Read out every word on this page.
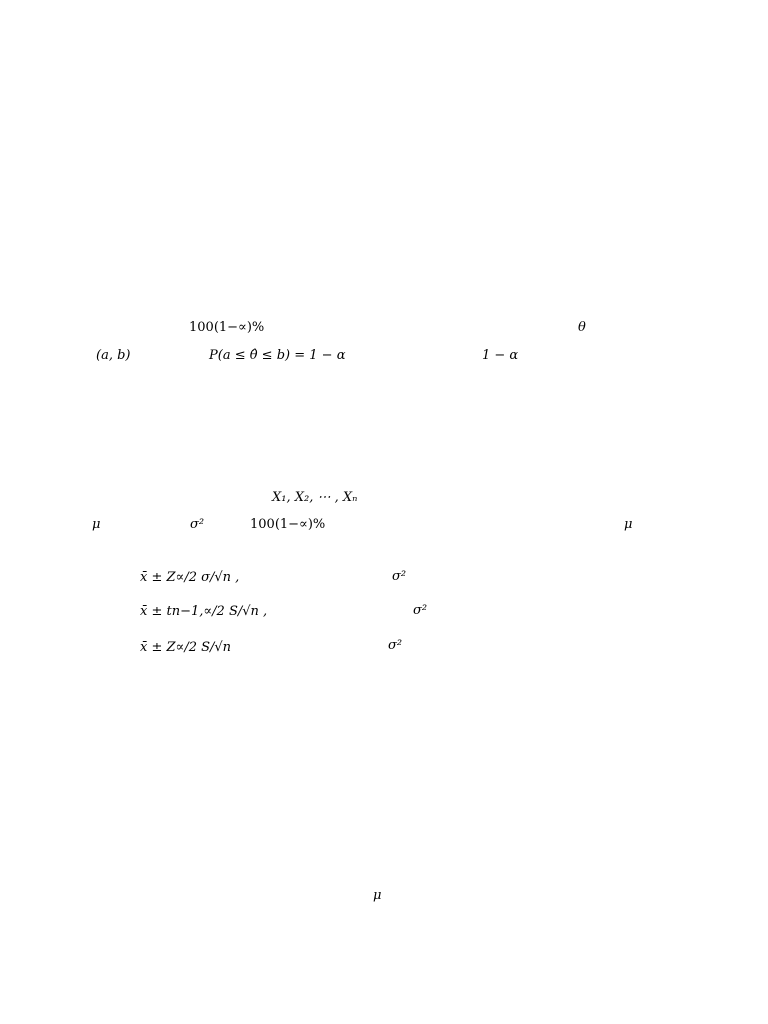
100(1−∝)%	θ
(a, b)	P(a ≤ θ̂ ≤ b) = 1 − α	1 − α
X₁, X₂, ⋯ , Xₙ
μ	σ²	100(1−∝)%	μ
x̄ ± Z∝/2 σ/√n ,	σ²
x̄ ± tn−1,∝/2 S/√n ,	σ²
x̄ ± Z∝/2 S/√n	σ²
μ
